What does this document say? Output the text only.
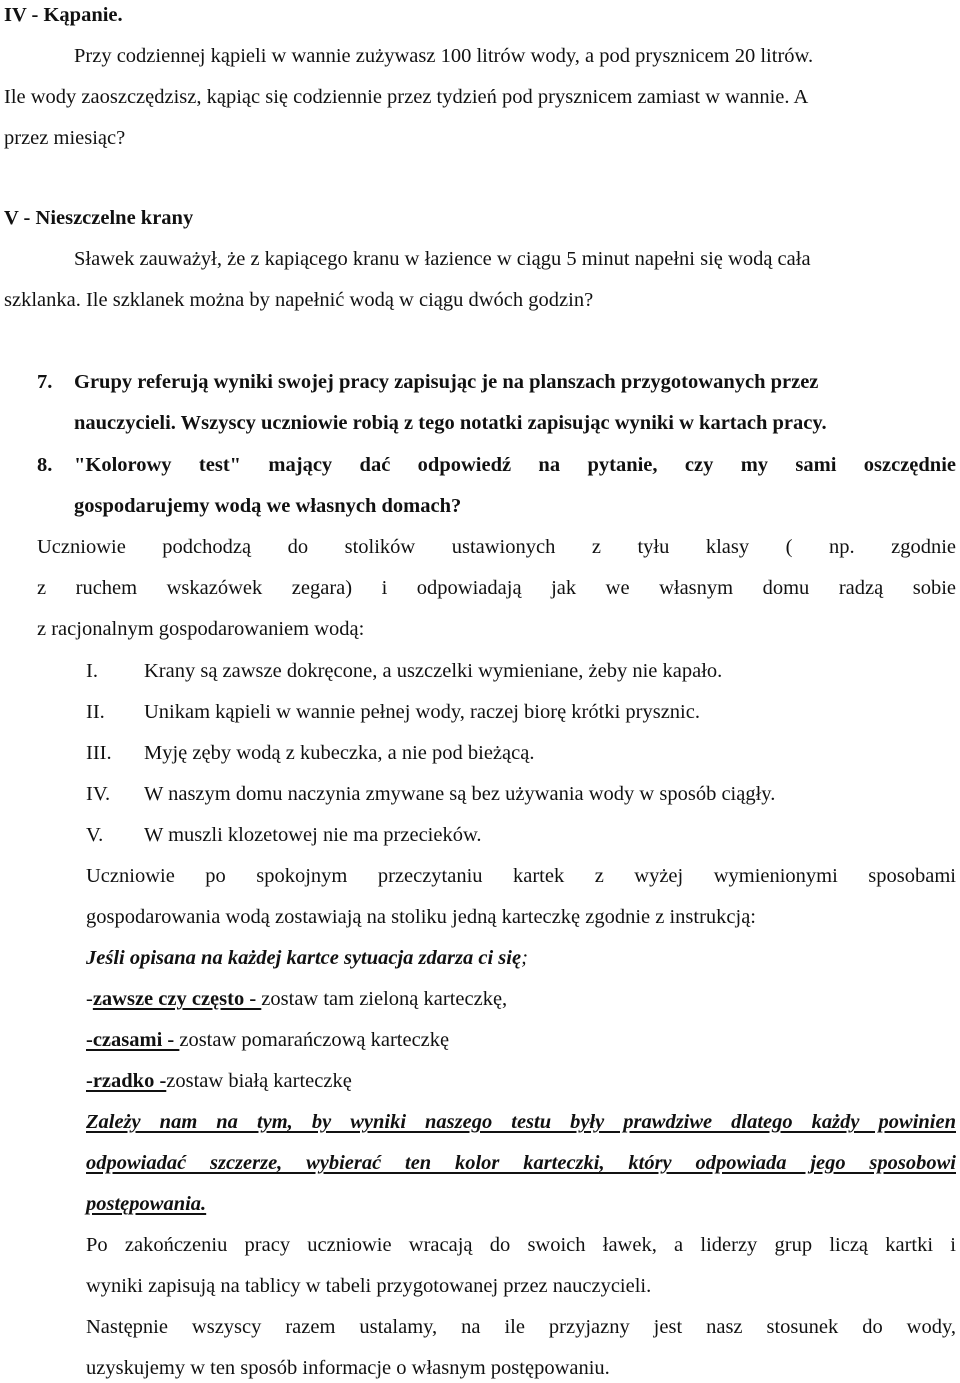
IV - Kąpanie.
Przy codziennej kąpieli w wannie zużywasz 100 litrów wody, a pod prysznicem 20 litrów.
Ile wody zaoszczędzisz, kąpiąc się codziennie przez tydzień pod prysznicem zamiast w wannie. A
przez miesiąc?
V - Nieszczelne krany
Sławek zauważył, że z kapiącego kranu w łazience w ciągu 5 minut napełni się wodą cała
szklanka. Ile szklanek można by napełnić wodą w ciągu dwóch godzin?
7. Grupy referują wyniki swojej pracy zapisując je na planszach przygotowanych przez
nauczycieli. Wszyscy uczniowie robią z tego notatki zapisując wyniki w kartach pracy.
8. "Kolorowy test" mający dać odpowiedź na pytanie, czy my sami oszczędnie
gospodarujemy wodą we własnych domach?
Uczniowie podchodzą do stolików ustawionych z tyłu klasy ( np. zgodnie
z ruchem wskazówek zegara) i odpowiadają jak we własnym domu radzą sobie
z racjonalnym gospodarowaniem wodą:
I. Krany są zawsze dokręcone, a uszczelki wymieniane, żeby nie kapało.
II. Unikam kąpieli w wannie pełnej wody, raczej biorę krótki prysznic.
III. Myję zęby wodą z kubeczka, a nie pod bieżącą.
IV. W naszym domu naczynia zmywane są bez używania wody w sposób ciągły.
V. W muszli klozetowej nie ma przecieków.
Uczniowie po spokojnym przeczytaniu kartek z wyżej wymienionymi sposobami
gospodarowania wodą zostawiają na stoliku jedną karteczkę zgodnie z instrukcją:
Jeśli opisana na każdej kartce sytuacja zdarza ci się;
-zawsze czy często - zostaw tam zieloną karteczkę,
-czasami - zostaw pomarańczową karteczkę
-rzadko -zostaw białą karteczkę
Zależy nam na tym, by wyniki naszego testu były prawdziwe dlatego każdy powinien
odpowiadać szczerze, wybierać ten kolor karteczki, który odpowiada jego sposobowi
postępowania.
Po zakończeniu pracy uczniowie wracają do swoich ławek, a liderzy grup liczą kartki i
wyniki zapisują na tablicy w tabeli przygotowanej przez nauczycieli.
Następnie wszyscy razem ustalamy, na ile przyjazny jest nasz stosunek do wody,
uzyskujemy w ten sposób informacje o własnym postępowaniu.
